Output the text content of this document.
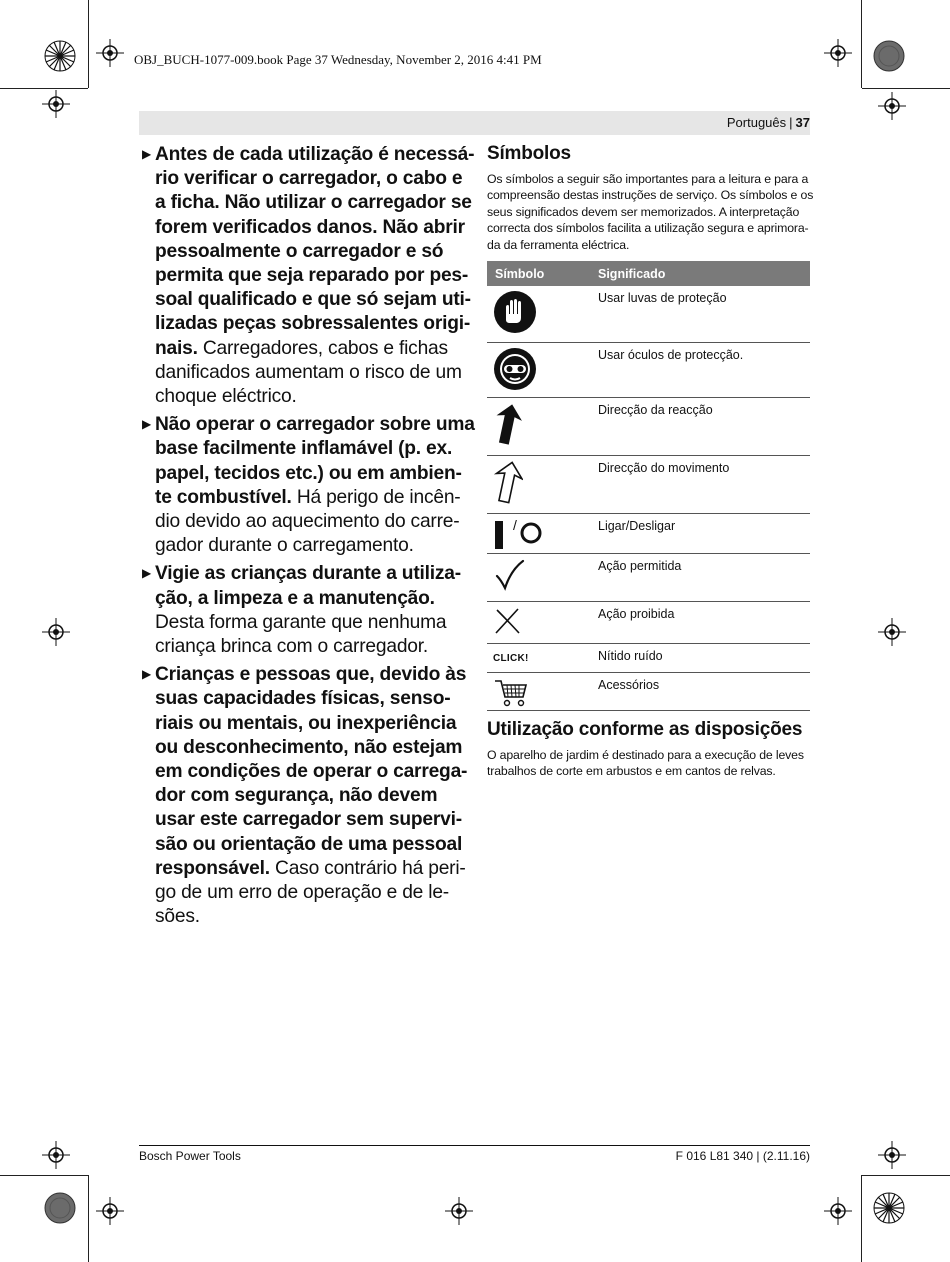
OBJ_BUCH-1077-009.book Page 37 Wednesday, November 2, 2016 4:41 PM
Português | 37
▶ Antes de cada utilização é necessá-
rio verificar o carregador, o cabo e
a ficha. Não utilizar o carregador se
forem verificados danos. Não abrir
pessoalmente o carregador e só
permita que seja reparado por pes-
soal qualificado e que só sejam uti-
lizadas peças sobressalentes origi-
nais. Carregadores, cabos e fichas
danificados aumentam o risco de um
choque eléctrico.
▶ Não operar o carregador sobre uma
base facilmente inflamável (p. ex.
papel, tecidos etc.) ou em ambien-
te combustível. Há perigo de incên-
dio devido ao aquecimento do carre-
gador durante o carregamento.
▶ Vigie as crianças durante a utiliza-
ção, a limpeza e a manutenção.
Desta forma garante que nenhuma
criança brinca com o carregador.
▶ Crianças e pessoas que, devido às
suas capacidades físicas, senso-
riais ou mentais, ou inexperiência
ou desconhecimento, não estejam
em condições de operar o carrega-
dor com segurança, não devem
usar este carregador sem supervi-
são ou orientação de uma pessoal
responsável. Caso contrário há peri-
go de um erro de operação e de le-
sões.
Símbolos
Os símbolos a seguir são importantes para a leitura e para a
compreensão destas instruções de serviço. Os símbolos e os
seus significados devem ser memorizados. A interpretação
correcta dos símbolos facilita a utilização segura e aprimora-
da da ferramenta eléctrica.
Símbolo	Significado

	Usar luvas de proteção

	Usar óculos de protecção.

	Direcção da reacção

	Direcção do movimento

/	Ligar/Desligar

	Ação permitida

	Ação proibida

CLICK!	Nítido ruído

	Acessórios
Utilização conforme as disposições
O aparelho de jardim é destinado para a execução de leves
trabalhos de corte em arbustos e em cantos de relvas.
Bosch Power Tools	F 016 L81 340 | (2.11.16)
